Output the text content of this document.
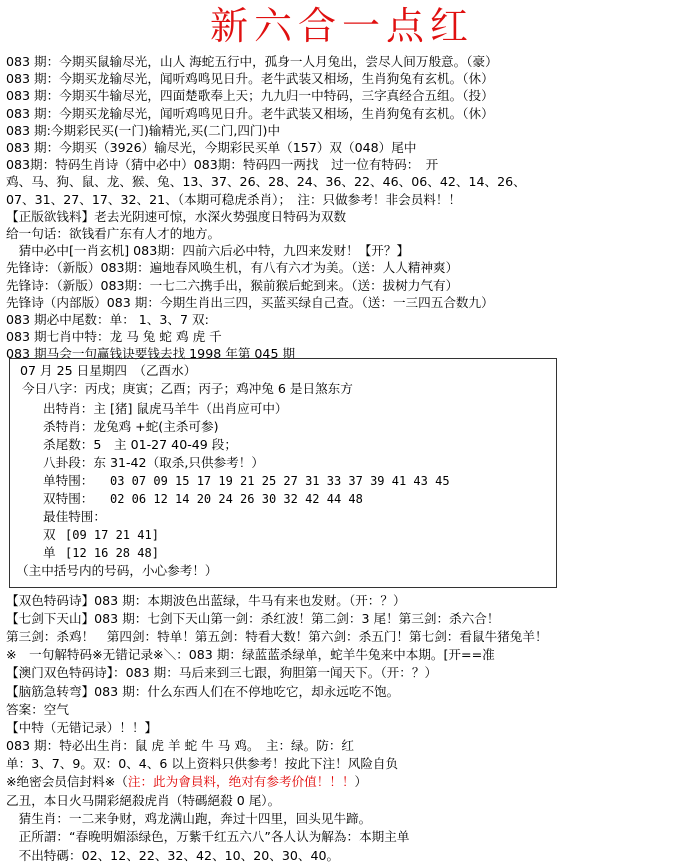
新六合一点红
083 期：今期买鼠输尽光，山人 海蛇五行中，孤身一人月兔出，尝尽人间万般意。（豪）
083 期：今期买龙输尽光，闻听鸡鸣见日升。老牛武装又相场，生肖狗兔有玄机。（休）
083 期：今期买牛输尽光，四面楚歌奉上天；九九归一中特码，三字真经合五组。（投）
083 期：今期买龙输尽光，闻听鸡鸣见日升。老牛武装又相场，生肖狗兔有玄机。（休）
083 期:今期彩民买(一门)输精光,买(二门,四门)中
083 期：今期买（3926）输尽光，今期彩民买单（157）双（048）尾中
083期：特码生肖诗（猜中必中）083期：特码四一两找　过一位有特码：　开
鸡、马、狗、鼠、龙、猴、兔、13、37、26、28、24、36、22、46、06、42、14、26、
07、31、27、17、32、21、（本期可稳虎杀肖）；　注：只做参考！非会员料！！
【正版欲钱料】老去光阴速可惊，水深火势强度日特码为双数
给一句话：欲钱看广东有人才的地方。
　猜中必中[一肖玄机] 083期：四前六后必中特，九四来发财！【开？】
先锋诗：（新版）083期：遍地春风唤生机，有八有六才为美。（送：人人精神爽）
先锋诗：（新版）083期：一七二六携手出，猴前猴后蛇到来。（送：拔树力气有）
先锋诗（内部版）083 期：今期生肖出三四，买蓝买绿自己查。（送：一三四五合数九）
083 期必中尾数：单： 1、3、7 双:
083 期七肖中特：龙 马 兔 蛇 鸡 虎 千
083 期马会一句赢钱诀要钱去找 1998 年第 045 期
07 月 25 日星期四　（乙酉水）
今日八字：丙戌；庚寅；乙酉；丙子；鸡冲兔 6 是日煞东方
出特肖：主 [猪] 鼠虎马羊牛（出肖应可中）
杀特肖：龙兔鸡 +蛇(主杀可参)
杀尾数：5　主 01-27 40-49 段；
八卦段：东 31-42（取杀,只供参考！）
单特围： 03 07 09 15 17 19 21 25 27 31 33 37 39 41 43 45
双特围： 02 06 12 14 20 24 26 30 32 42 44 48
最佳特围：
双 [09 17 21 41]
单 [12 16 28 48]
（主中括号内的号码，小心参考！）
【双色特码诗】083 期：本期波色出蓝绿，牛马有来也发财。（开：？）
【七剑下天山】083 期：七剑下天山第一剑：杀红波！第二剑：3 尾！第三剑：杀六合！
第三剑：杀鸡！　第四剑：特单！第五剑：特看大数！第六剑：杀五门！第七剑：看鼠牛猪兔羊！
※　一句解特码※无错记录※＼：083 期：绿蓝蓝杀绿单，蛇羊牛兔来中本期。[开==准
【澳门双色特码诗】：083 期：马后来到三七跟，狗胆第一闻天下。（开：？）
【脑筋急转弯】083 期：什么东西人们在不停地吃它，却永远吃不饱。
答案：空气
【中特（无错记录）！！】
083 期：特必出生肖：鼠 虎 羊 蛇 牛 马 鸡。　主：绿。防：红
单：3、7、9。双：0、4、6 以上资料只供参考！按此下注！风险自负
※绝密会员信封料※（注：此为會員料，绝对有参考价值！！！）
乙丑，本日火马開彩絕殺虎肖（特碼絕殺 0 尾）。
　猜生肖：一二来争财，鸡龙满山跑，奔过十四里，回头见牛蹄。
　正所謂：“春晚明媚添绿色，万紫千红五六八”各人认为解為：本期主单
　不出特碼：02、12、22、32、42、10、20、30、40。
